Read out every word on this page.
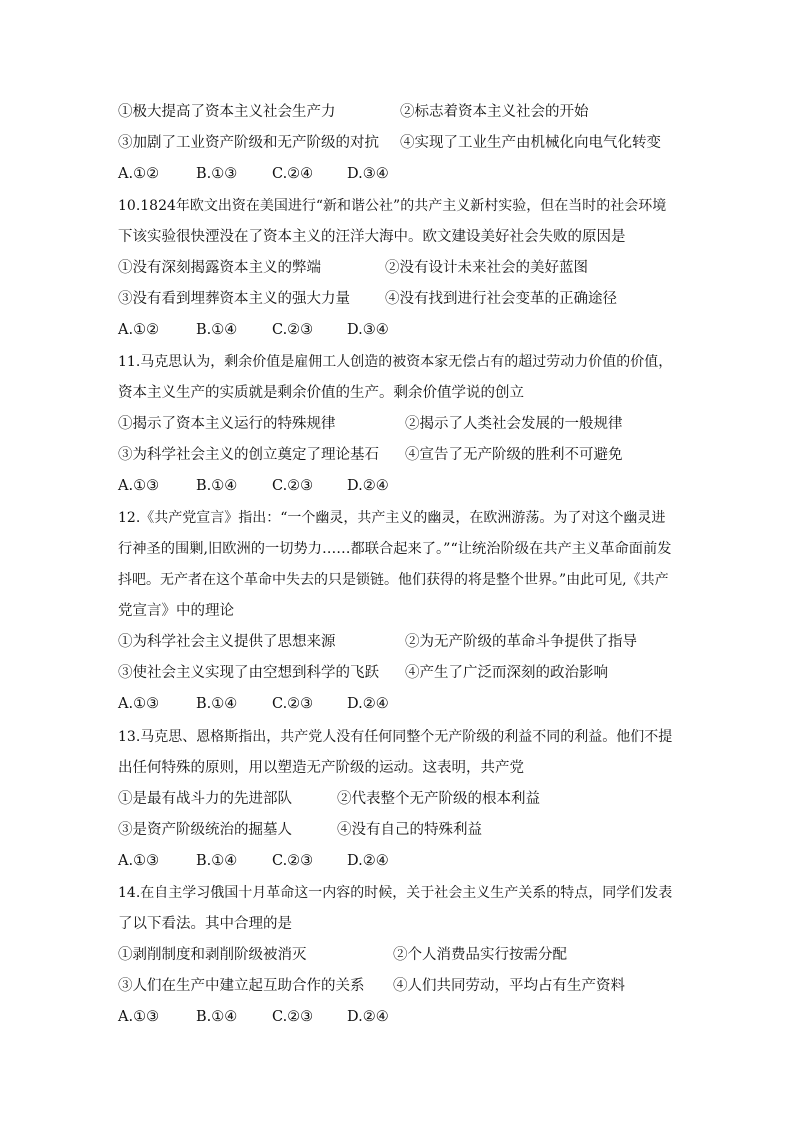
①极大提高了资本主义社会生产力	②标志着资本主义社会的开始
③加剧了工业资产阶级和无产阶级的对抗 ④实现了工业生产由机械化向电气化转变
A.①②	B.①③ C.②④ D.③④
10.1824年欧文出资在美国进行“新和谐公社”的共产主义新村实验，但在当时的社会环境
下该实验很快湮没在了资本主义的汪洋大海中。欧文建设美好社会失败的原因是
①没有深刻揭露资本主义的弊端	②没有设计未来社会的美好蓝图
③没有看到埋葬资本主义的强大力量 ④没有找到进行社会变革的正确途径
A.①②	B.①④ C.②③ D.③④
11.马克思认为，剩余价值是雇佣工人创造的被资本家无偿占有的超过劳动力价值的价值，
资本主义生产的实质就是剩余价值的生产。剩余价值学说的创立
①揭示了资本主义运行的特殊规律	②揭示了人类社会发展的一般规律
③为科学社会主义的创立奠定了理论基石 ④宣告了无产阶级的胜利不可避免
A.①③	B.①④ C.②③ D.②④
12.《共产党宣言》指出：“一个幽灵，共产主义的幽灵，在欧洲游荡。为了对这个幽灵进
行神圣的围剿,旧欧洲的一切势力……都联合起来了。”“让统治阶级在共产主义革命面前发
抖吧。无产者在这个革命中失去的只是锁链。他们获得的将是整个世界。”由此可见,《共产
党宣言》中的理论
①为科学社会主义提供了思想来源	②为无产阶级的革命斗争提供了指导
③使社会主义实现了由空想到科学的飞跃 ④产生了广泛而深刻的政治影响
A.①③	B.①④ C.②③ D.②④
13.马克思、恩格斯指出，共产党人没有任何同整个无产阶级的利益不同的利益。他们不提
出任何特殊的原则，用以塑造无产阶级的运动。这表明，共产党
①是最有战斗力的先进部队	②代表整个无产阶级的根本利益
③是资产阶级统治的掘墓人	④没有自己的特殊利益
A.①③	B.①④ C.②③ D.②④
14.在自主学习俄国十月革命这一内容的时候，关于社会主义生产关系的特点，同学们发表
了以下看法。其中合理的是
①剥削制度和剥削阶级被消灭	②个人消费品实行按需分配
③人们在生产中建立起互助合作的关系 ④人们共同劳动，平均占有生产资料
A.①③	B.①④ C.②③ D.②④
